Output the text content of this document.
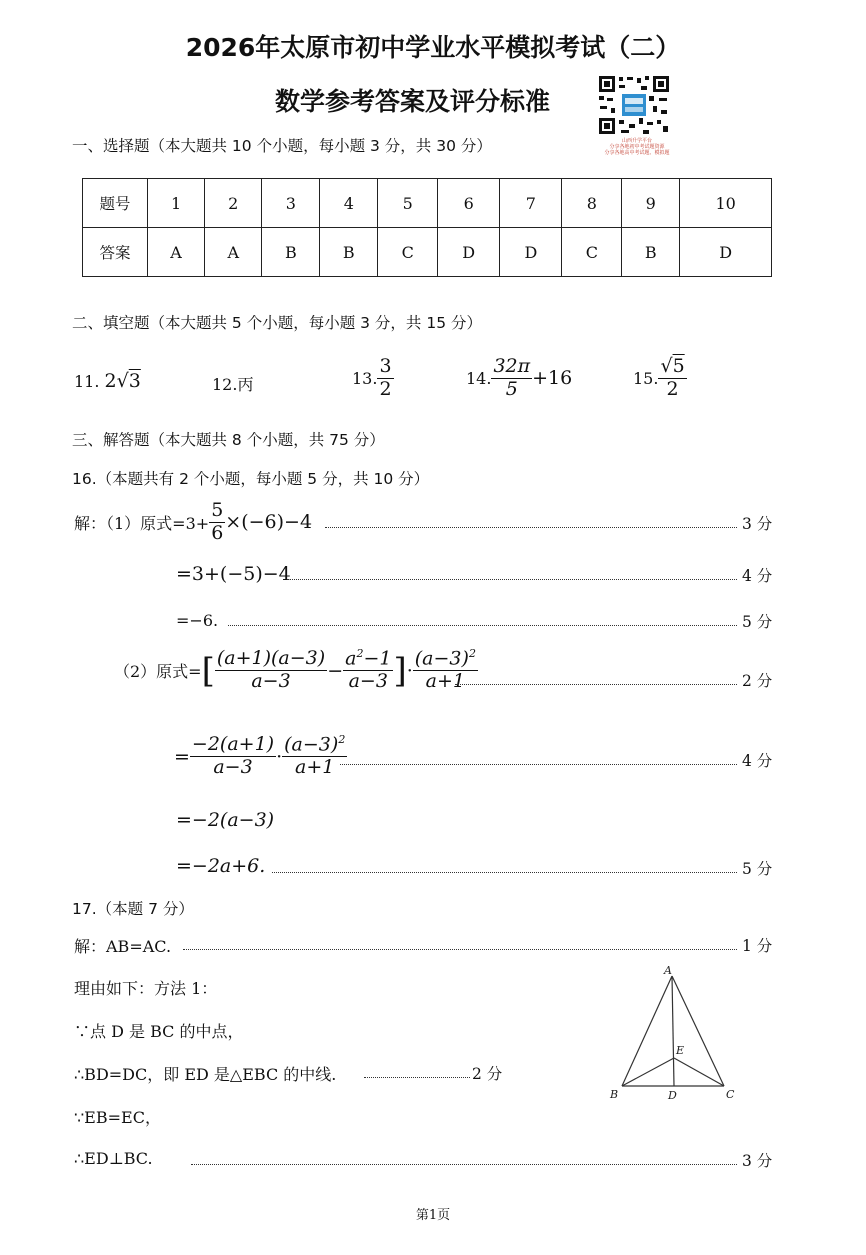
2026年太原市初中学业水平模拟考试（二）
数学参考答案及评分标准
山西升学平台
分享各地初中考试题资源
分享各地高中考试题、模拟题
一、选择题（本大题共 10 个小题，每小题 3 分，共 30 分）
题号	1	2	3	4	5	6	7	8	9	10
答案	A	A	B	B	C	D	D	C	B	D
二、填空题（本大题共 5 个小题，每小题 3 分，共 15 分）
11. 2√3	12.丙	13. $\frac{3}{2}$	14. $\frac{32\pi}{5} +16$	15. $\frac{√5}{2}$
三、解答题（本大题共 8 个小题，共 75 分）
16.（本题共有 2 个小题，每小题 5 分，共 10 分）
解：（1）原式$=3+ \frac{5}{6} \times(-6)-4$	3 分
=3+(−5)−4	4 分
=−6.	5 分
（2）原式= [ $\frac{(a+1)(a-3)}{a-3} - \frac{a^2-1}{a-3}$ ] · $\frac{(a-3)^2}{a+1}$	2 分
= $\frac{-2(a+1)}{a-3} \cdot \frac{(a-3)^2}{a+1}$	4 分
=−2(a−3)
=−2a+6.	5 分
17.（本题 7 分）
解：AB=AC.	1 分
理由如下：方法 1：
∵点 D 是 BC 的中点，
∴BD=DC，即 ED 是△EBC 的中线.	2 分
∵EB=EC，
∴ED⊥BC.	3 分
A
B	C
D
E
第1页
